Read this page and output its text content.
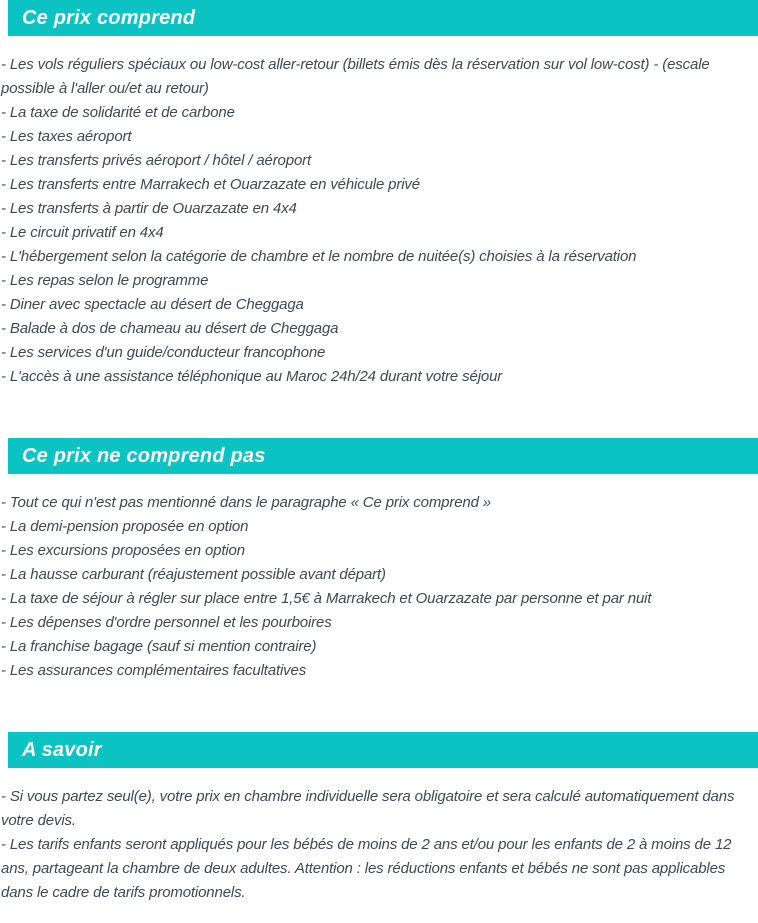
Ce prix comprend

- Les vols réguliers spéciaux ou low-cost aller-retour (billets émis dès la réservation sur vol low-cost) - (escale possible à l'aller ou/et au retour)

- La taxe de solidarité et de carbone

- Les taxes aéroport

- Les transferts privés aéroport / hôtel / aéroport

- Les transferts entre Marrakech et Ouarzazate en véhicule privé

- Les transferts à partir de Ouarzazate en 4x4

- Le circuit privatif en 4x4

- L'hébergement selon la catégorie de chambre et le nombre de nuitée(s) choisies à la réservation

- Les repas selon le programme

- Diner avec spectacle au désert de Cheggaga

- Balade à dos de chameau au désert de Cheggaga

- Les services d'un guide/conducteur francophone

- L'accès à une assistance téléphonique au Maroc 24h/24 durant votre séjour

Ce prix ne comprend pas

- Tout ce qui n'est pas mentionné dans le paragraphe « Ce prix comprend »

- La demi-pension proposée en option

- Les excursions proposées en option

- La hausse carburant (réajustement possible avant départ)

- La taxe de séjour à régler sur place entre 1,5€ à Marrakech et Ouarzazate par personne et par nuit

- Les dépenses d'ordre personnel et les pourboires

- La franchise bagage (sauf si mention contraire)

- Les assurances complémentaires facultatives

A savoir

- Si vous partez seul(e), votre prix en chambre individuelle sera obligatoire et sera calculé automatiquement dans votre devis.

- Les tarifs enfants seront appliqués pour les bébés de moins de 2 ans et/ou pour les enfants de 2 à moins de 12 ans, partageant la chambre de deux adultes. Attention : les réductions enfants et bébés ne sont pas applicables dans le cadre de tarifs promotionnels.
